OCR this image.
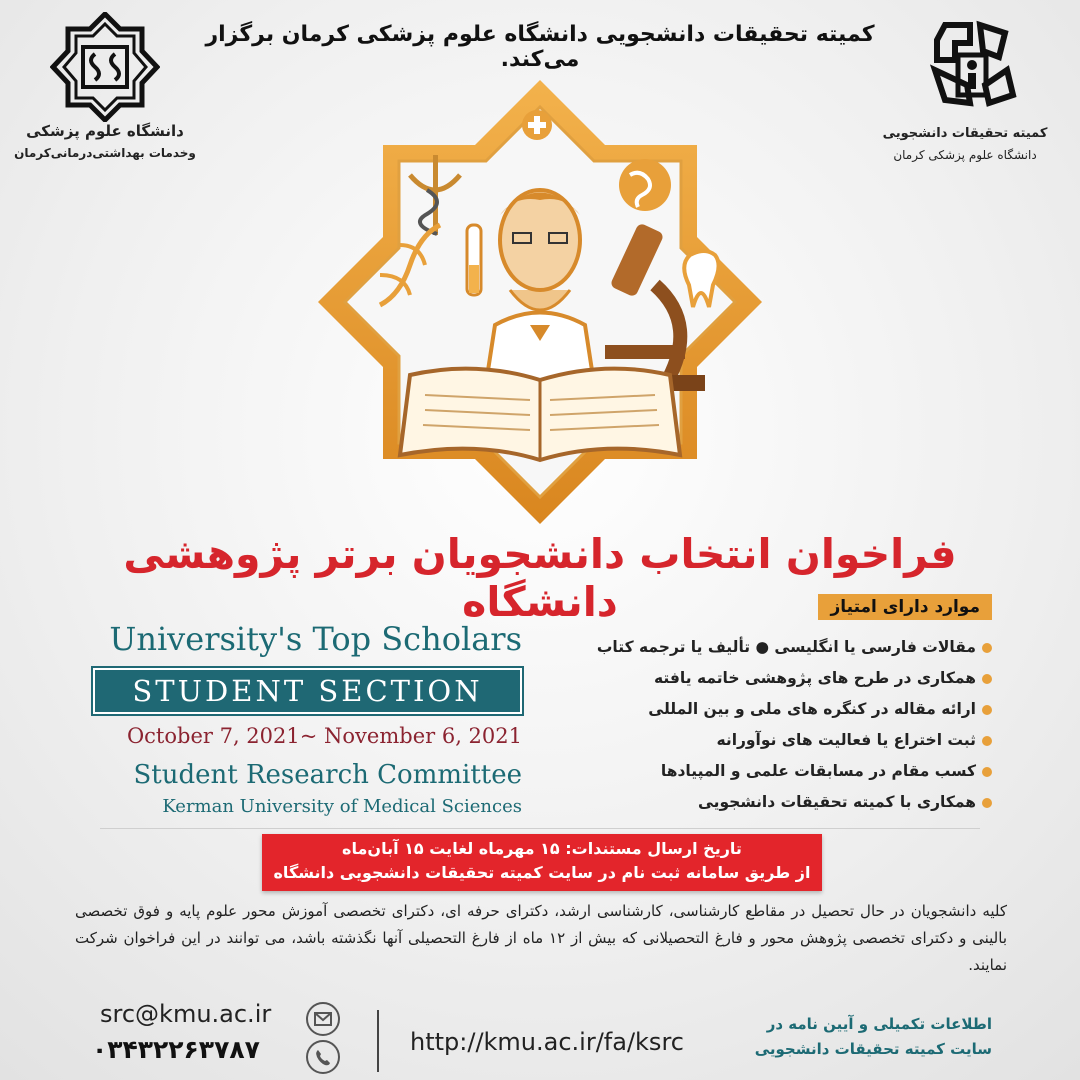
کمیته تحقیقات دانشجویی دانشگاه علوم پزشکی کرمان برگزار می‌کند.
دانشگاه علوم پزشکی
وخدمات بهداشتی‌درمانی‌کرمان
کمیته تحقیقات دانشجویی
دانشگاه علوم پزشکی کرمان
فراخوان انتخاب دانشجویان برتر پژوهشی دانشگاه	موارد دارای امتیاز
مقالات فارسی یا انگلیسی ● تألیف یا ترجمه کتاب
همکاری در طرح های پژوهشی خاتمه یافته
ارائه مقاله در کنگره های ملی و بین المللی
ثبت اختراع یا فعالیت های نوآورانه
کسب مقام در مسابقات علمی و المپیادها
همکاری با کمیته تحقیقات دانشجویی
University's Top Scholars
STUDENT SECTION
October 7, 2021~ November 6, 2021
Student Research Committee
Kerman University of Medical Sciences
تاریخ ارسال مستندات: ۱۵ مهرماه لغایت ۱۵ آبان‌ماه
از طریق سامانه ثبت نام در سایت کمیته تحقیقات دانشجویی دانشگاه
کلیه دانشجویان در حال تحصیل در مقاطع کارشناسی، کارشناسی ارشد، دکترای حرفه ای، دکترای تخصصی آموزش محور علوم پایه و فوق تخصصی بالینی و دکترای تخصصی پژوهش محور و فارغ التحصیلانی که بیش از ۱۲ ماه از فارغ التحصیلی آنها نگذشته باشد، می توانند در این فراخوان شرکت نمایند.
src@kmu.ac.ir
۰۳۴۳۲۲۶۳۷۸۷	http://kmu.ac.ir/fa/ksrc
اطلاعات تکمیلی و آیین نامه در
سایت کمیته تحقیقات دانشجویی
